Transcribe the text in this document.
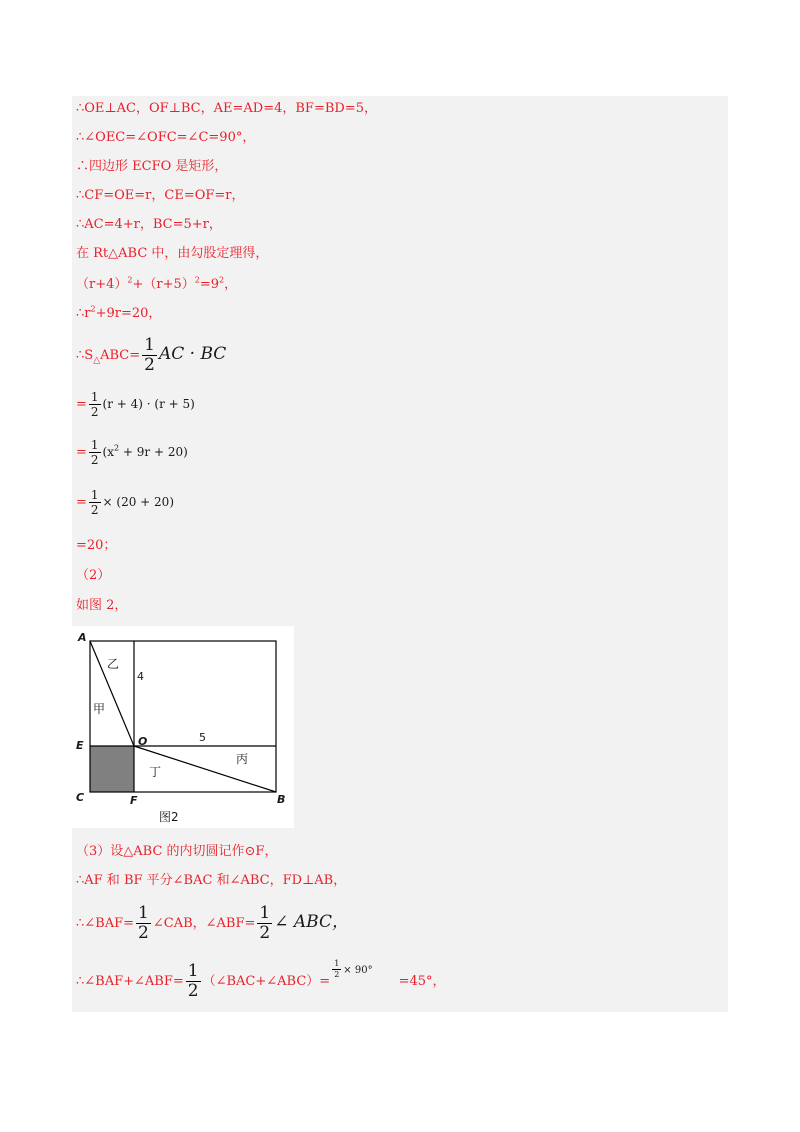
∴OE⊥AC，OF⊥BC，AE=AD=4，BF=BD=5，
∴∠OEC=∠OFC=∠C=90°，
∴四边形 ECFO 是矩形，
∴CF=OE=r，CE=OF=r，
∴AC=4+r，BC=5+r，
在 Rt△ABC 中，由勾股定理得，
$(r+4)^2+(r+5)^2=9^2$，
$\therefore r^2+9r=20$，
$\therefore S_\triangle ABC= \frac{1}{2}$ AC · BC
= $\frac{1}{2} (r + 4) \cdot (r + 5)$
= $\frac{1}{2} (x^2 + 9r + 20)$
= $\frac{1}{2} \times (20 + 20)$
=20；
（2）
如图 2，
A
E
C	F
O
B
4
5
甲
乙
丙
丁
图2
（3）设△ABC 的内切圆记作⊙F，
∴AF 和 BF 平分∠BAC 和∠ABC，FD⊥AB，
∴∠BAF= $\frac{1}{2}$ ∠CAB，∠ABF= $\frac{1}{2}$ ∠ ABC，
∴∠BAF+∠ABF= $\frac{1}{2}$ （∠BAC+∠ABC）=
$\frac{1}{2} \times 90^\circ=45^\circ$，
